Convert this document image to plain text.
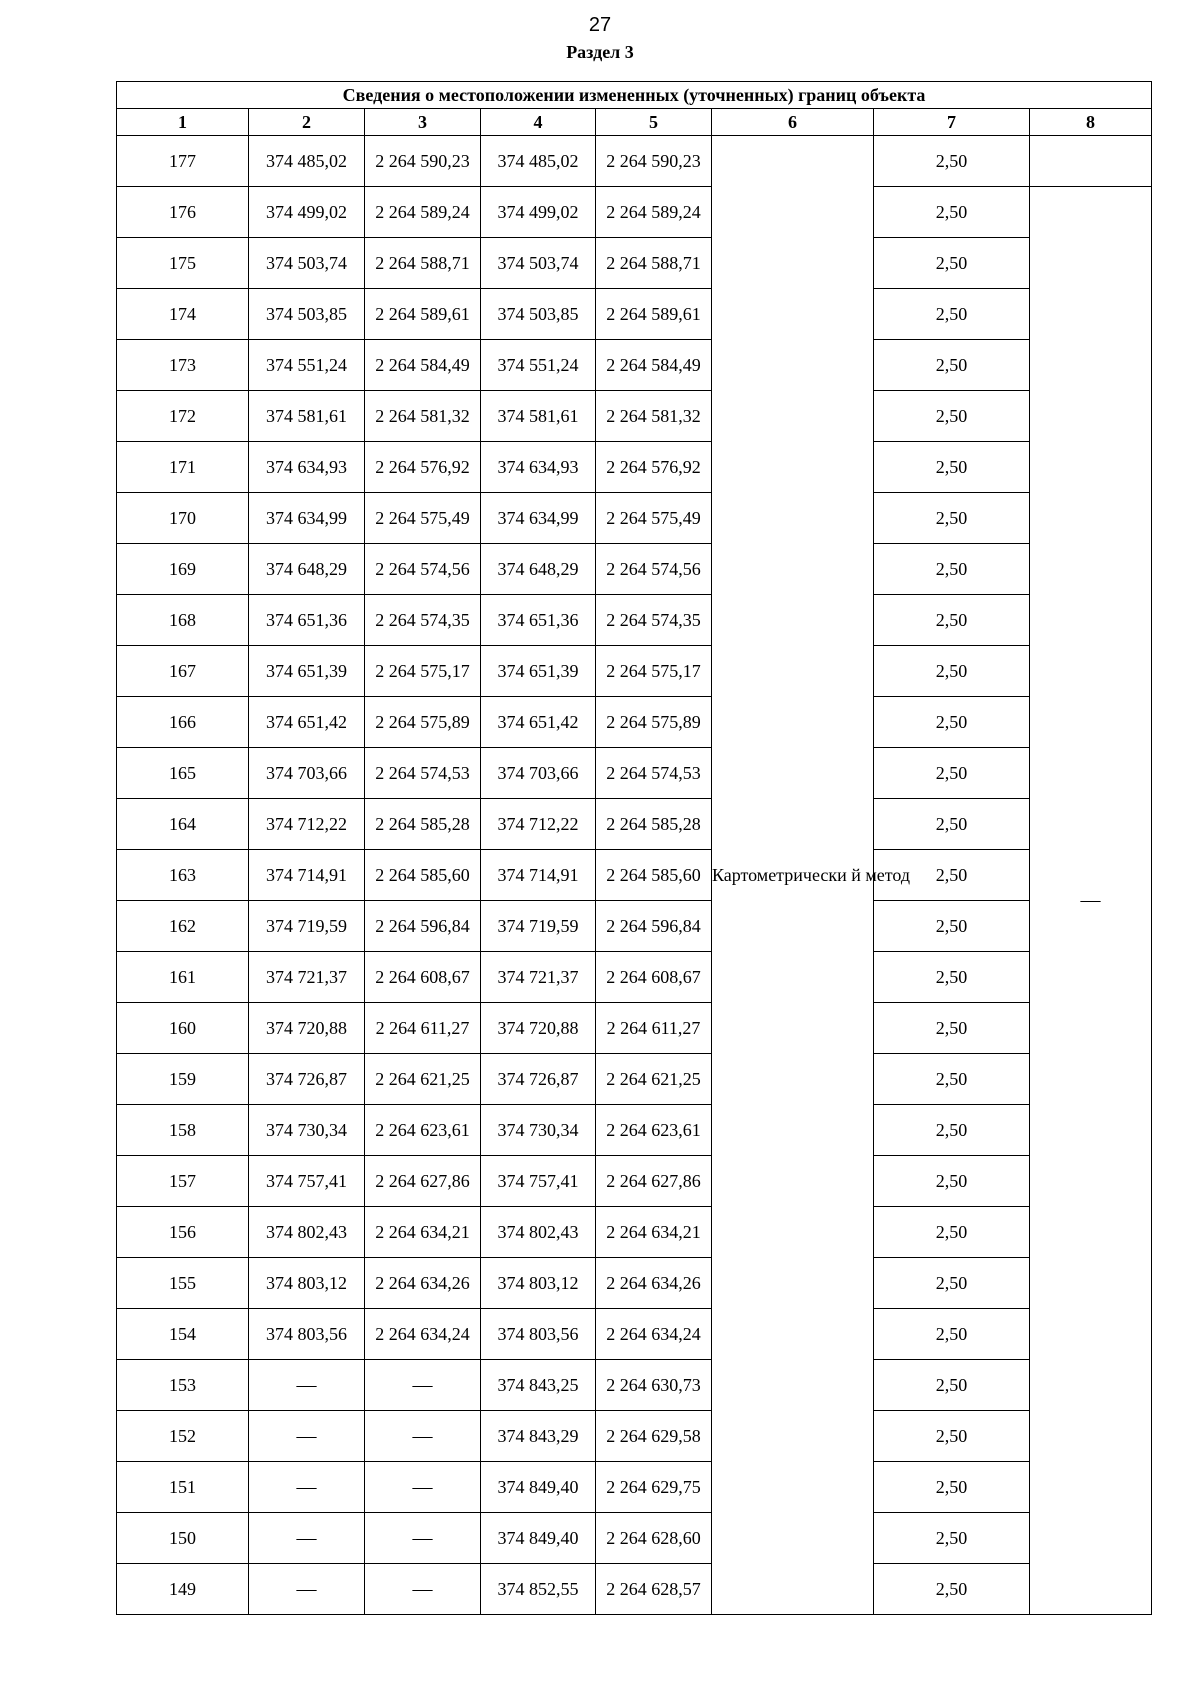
27
Раздел 3
Сведения о местоположении измененных (уточненных) границ объекта							
1	2	3	4	5	6	7	8
177	374 485,02	2 264 590,23	374 485,02	2 264 590,23	Картометрически й метод	2,50	
176	374 499,02	2 264 589,24	374 499,02	2 264 589,24		2,50	—
175	374 503,74	2 264 588,71	374 503,74	2 264 588,71		2,50	
174	374 503,85	2 264 589,61	374 503,85	2 264 589,61		2,50	
173	374 551,24	2 264 584,49	374 551,24	2 264 584,49		2,50	
172	374 581,61	2 264 581,32	374 581,61	2 264 581,32		2,50	
171	374 634,93	2 264 576,92	374 634,93	2 264 576,92		2,50	
170	374 634,99	2 264 575,49	374 634,99	2 264 575,49		2,50	
169	374 648,29	2 264 574,56	374 648,29	2 264 574,56		2,50	
168	374 651,36	2 264 574,35	374 651,36	2 264 574,35		2,50	
167	374 651,39	2 264 575,17	374 651,39	2 264 575,17		2,50	
166	374 651,42	2 264 575,89	374 651,42	2 264 575,89		2,50	
165	374 703,66	2 264 574,53	374 703,66	2 264 574,53		2,50	
164	374 712,22	2 264 585,28	374 712,22	2 264 585,28		2,50	
163	374 714,91	2 264 585,60	374 714,91	2 264 585,60		2,50	
162	374 719,59	2 264 596,84	374 719,59	2 264 596,84		2,50	
161	374 721,37	2 264 608,67	374 721,37	2 264 608,67		2,50	
160	374 720,88	2 264 611,27	374 720,88	2 264 611,27		2,50	
159	374 726,87	2 264 621,25	374 726,87	2 264 621,25		2,50	
158	374 730,34	2 264 623,61	374 730,34	2 264 623,61		2,50	
157	374 757,41	2 264 627,86	374 757,41	2 264 627,86		2,50	
156	374 802,43	2 264 634,21	374 802,43	2 264 634,21		2,50	
155	374 803,12	2 264 634,26	374 803,12	2 264 634,26		2,50	
154	374 803,56	2 264 634,24	374 803,56	2 264 634,24		2,50	
153	—	—	374 843,25	2 264 630,73		2,50	
152	—	—	374 843,29	2 264 629,58		2,50	
151	—	—	374 849,40	2 264 629,75		2,50	
150	—	—	374 849,40	2 264 628,60		2,50	
149	—	—	374 852,55	2 264 628,57		2,50	
